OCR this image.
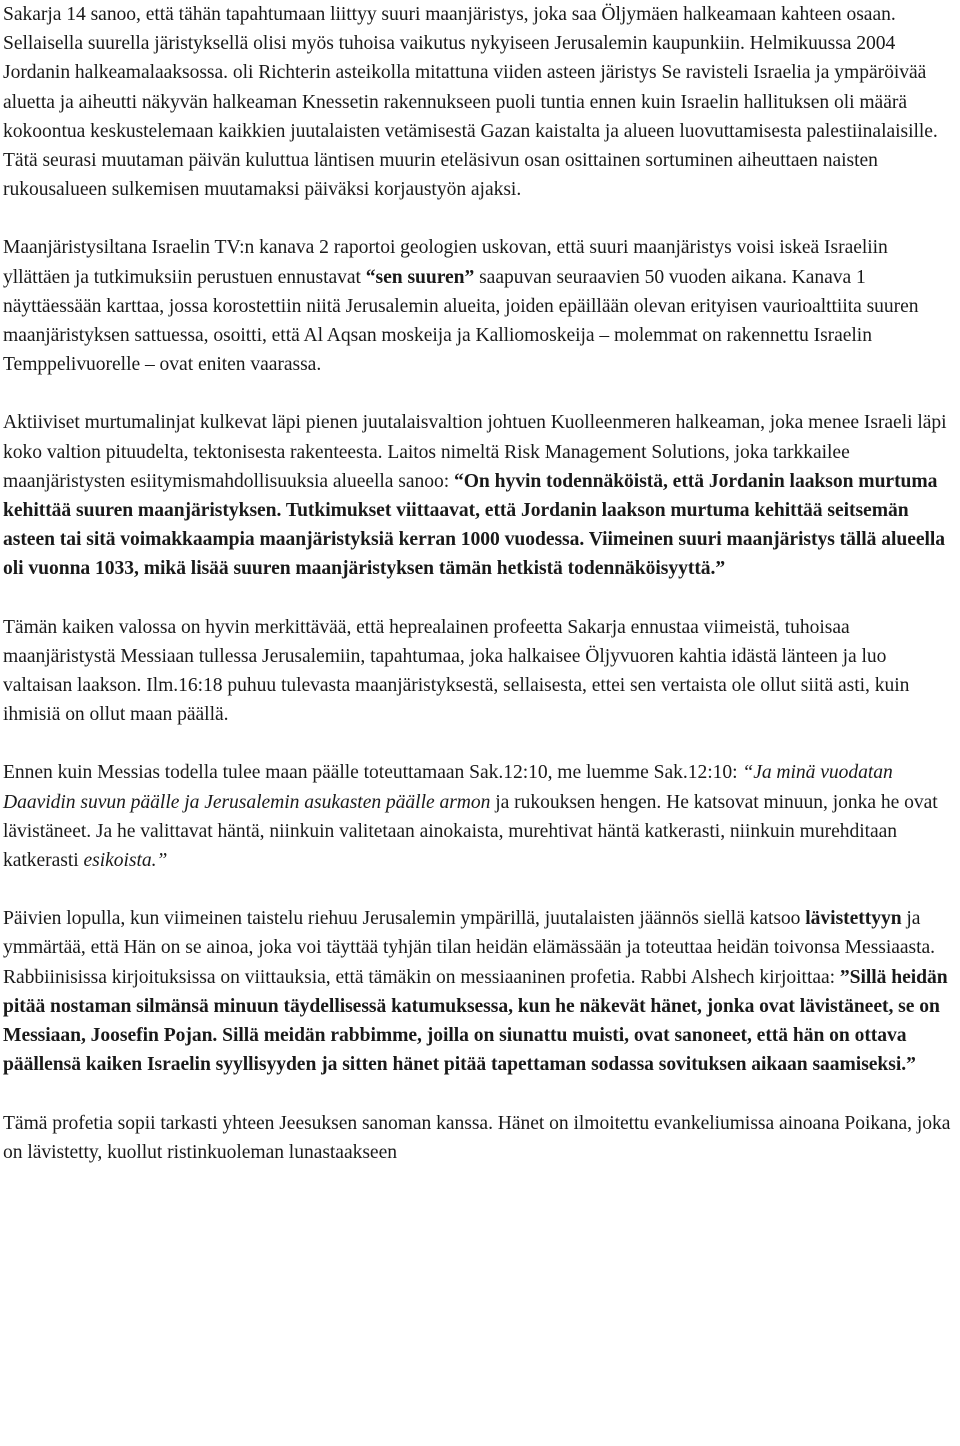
Sakarja 14 sanoo, että tähän tapahtumaan liittyy suuri maanjäristys, joka saa Öljymäen halkeamaan kahteen osaan. Sellaisella suurella järistyksellä olisi myös tuhoisa vaikutus nykyiseen Jerusalemin kaupunkiin. Helmikuussa 2004 Jordanin halkeamalaaksossa. oli Richterin asteikolla mitattuna viiden asteen järistys Se ravisteli Israelia ja ympäröivää aluetta ja aiheutti näkyvän halkeaman Knessetin rakennukseen puoli tuntia ennen kuin Israelin hallituksen oli määrä kokoontua keskustelemaan kaikkien juutalaisten vetämisestä Gazan kaistalta ja alueen luovuttamisesta palestiinalaisille. Tätä seurasi muutaman päivän kuluttua läntisen muurin eteläsivun osan osittainen sortuminen aiheuttaen naisten rukousalueen sulkemisen muutamaksi päiväksi korjaustyön ajaksi.

Maanjäristysiltana Israelin TV:n kanava 2 raportoi geologien uskovan, että suuri maanjäristys voisi iskeä Israeliin yllättäen ja tutkimuksiin perustuen ennustavat “sen suuren” saapuvan seuraavien 50 vuoden aikana. Kanava 1 näyttäessään karttaa, jossa korostettiin niitä Jerusalemin alueita, joiden epäillään olevan erityisen vaurioalttiita suuren maanjäristyksen sattuessa, osoitti, että Al Aqsan moskeija ja Kalliomoskeija – molemmat on rakennettu Israelin Temppelivuorelle – ovat eniten vaarassa.

Aktiiviset murtumalinjat kulkevat läpi pienen juutalaisvaltion johtuen Kuolleenmeren halkeaman, joka menee Israeli läpi koko valtion pituudelta, tektonisesta rakenteesta. Laitos nimeltä Risk Management Solutions, joka tarkkailee maanjäristysten esiitymismahdollisuuksia alueella sanoo: “On hyvin todennäköistä, että Jordanin laakson murtuma kehittää suuren maanjäristyksen. Tutkimukset viittaavat, että Jordanin laakson murtuma kehittää seitsemän asteen tai sitä voimakkaampia maanjäristyksiä kerran 1000 vuodessa. Viimeinen suuri maanjäristys tällä alueella oli vuonna 1033, mikä lisää suuren maanjäristyksen tämän hetkistä todennäköisyyttä.”

Tämän kaiken valossa on hyvin merkittävää, että heprealainen profeetta Sakarja ennustaa viimeistä, tuhoisaa maanjäristystä Messiaan tullessa Jerusalemiin, tapahtumaa, joka halkaisee Öljyvuoren kahtia idästä länteen ja luo valtaisan laakson. Ilm.16:18 puhuu tulevasta maanjäristyksestä, sellaisesta, ettei sen vertaista ole ollut siitä asti, kuin ihmisiä on ollut maan päällä.

Ennen kuin Messias todella tulee maan päälle toteuttamaan Sak.12:10, me luemme Sak.12:10: “Ja minä vuodatan Daavidin suvun päälle ja Jerusalemin asukasten päälle armon ja rukouksen hengen. He katsovat minuun, jonka he ovat lävistäneet. Ja he valittavat häntä, niinkuin valitetaan ainokaista, murehtivat häntä katkerasti, niinkuin murehditaan katkerasti esikoista.”

Päivien lopulla, kun viimeinen taistelu riehuu Jerusalemin ympärillä, juutalaisten jäännös siellä katsoo lävistettyyn ja ymmärtää, että Hän on se ainoa, joka voi täyttää tyhjän tilan heidän elämässään ja toteuttaa heidän toivonsa Messiaasta. Rabbiinisissa kirjoituksissa on viittauksia, että tämäkin on messiaaninen profetia. Rabbi Alshech kirjoittaa: ”Sillä heidän pitää nostaman silmänsä minuun täydellisessä katumuksessa, kun he näkevät hänet, jonka ovat lävistäneet, se on Messiaan, Joosefin Pojan. Sillä meidän rabbimme, joilla on siunattu muisti, ovat sanoneet, että hän on ottava päällensä kaiken Israelin syyllisyyden ja sitten hänet pitää tapettaman sodassa sovituksen aikaan saamiseksi.”

Tämä profetia sopii tarkasti yhteen Jeesuksen sanoman kanssa. Hänet on ilmoitettu evankeliumissa ainoana Poikana, joka on lävistetty, kuollut ristinkuoleman lunastaakseen
